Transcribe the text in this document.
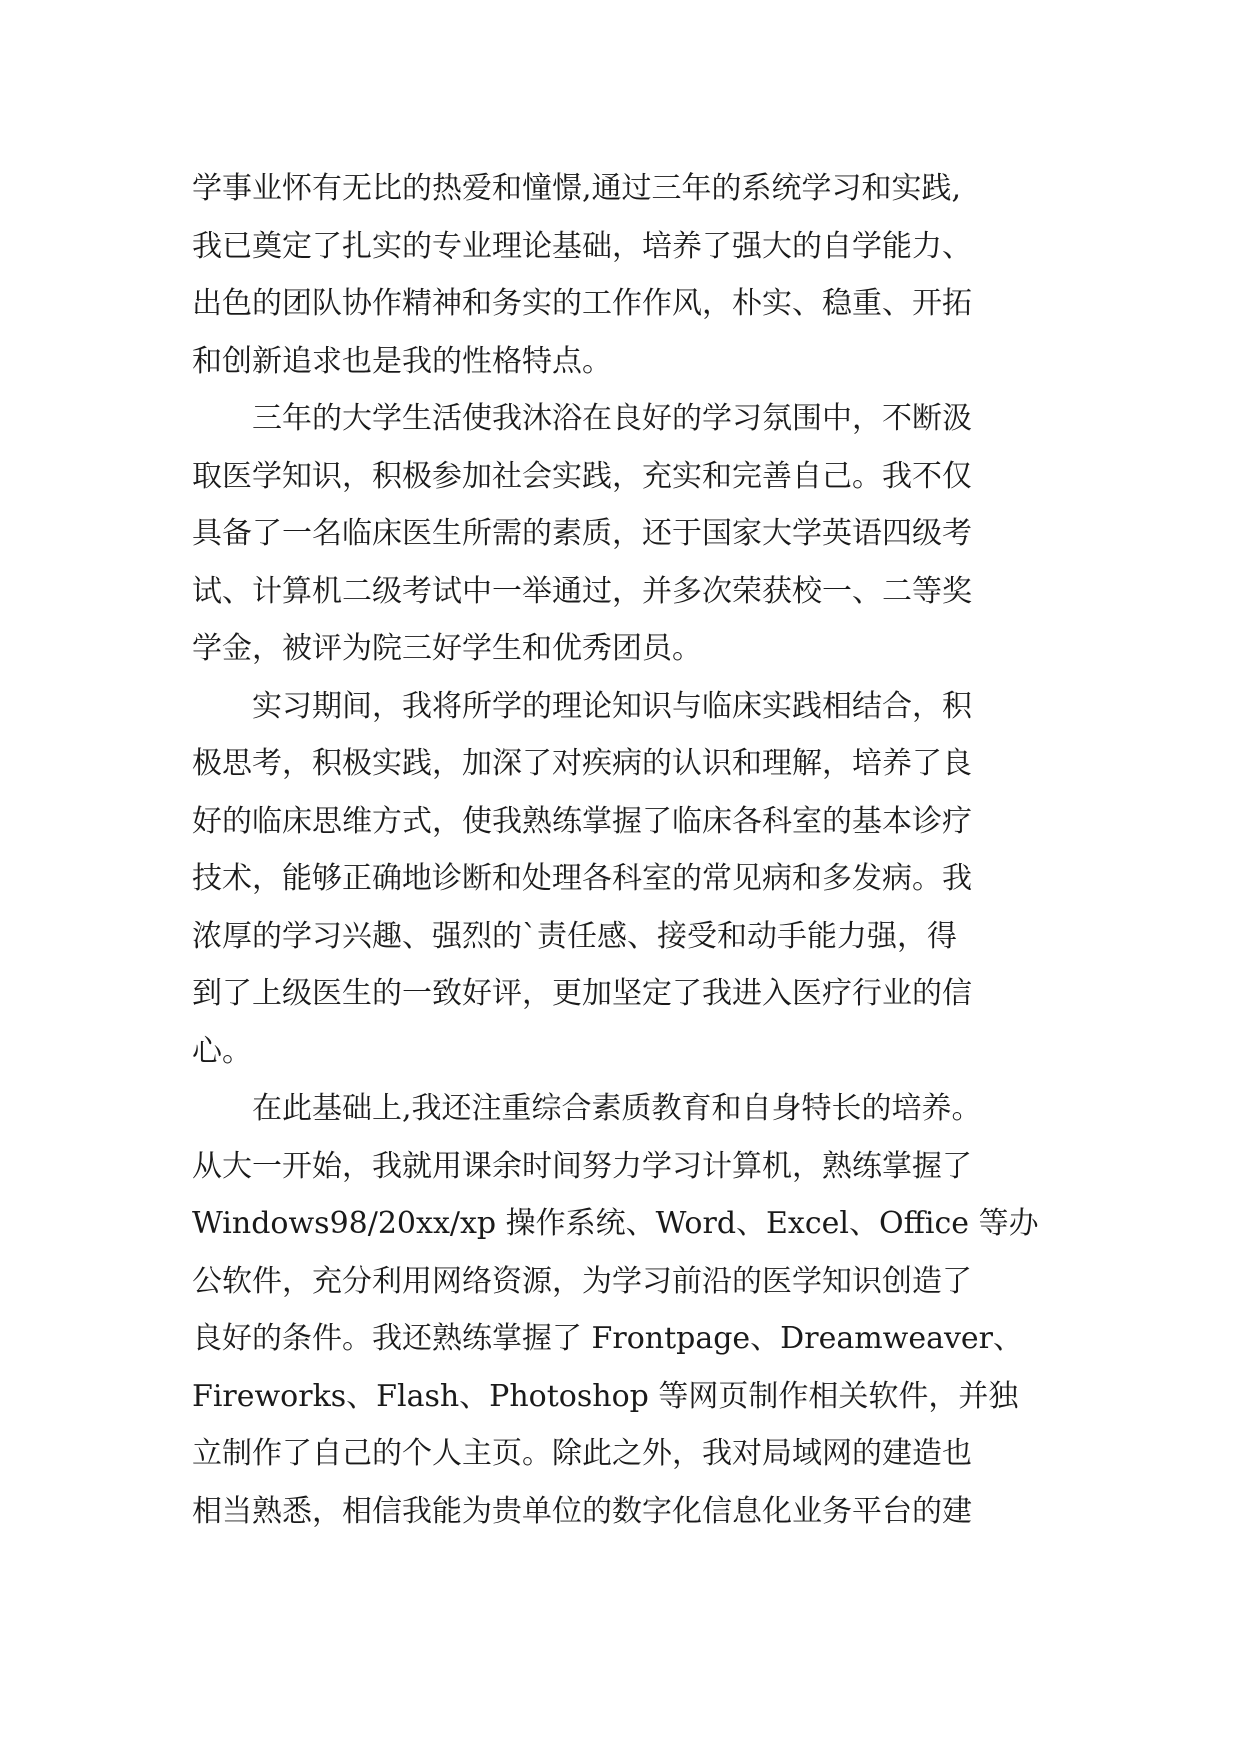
学事业怀有无比的热爱和憧憬,通过三年的系统学习和实践,
我已奠定了扎实的专业理论基础，培养了强大的自学能力、
出色的团队协作精神和务实的工作作风，朴实、稳重、开拓
和创新追求也是我的性格特点。
　　三年的大学生活使我沐浴在良好的学习氛围中，不断汲
取医学知识，积极参加社会实践，充实和完善自己。我不仅
具备了一名临床医生所需的素质，还于国家大学英语四级考
试、计算机二级考试中一举通过，并多次荣获校一、二等奖
学金，被评为院三好学生和优秀团员。
　　实习期间，我将所学的理论知识与临床实践相结合，积
极思考，积极实践，加深了对疾病的认识和理解，培养了良
好的临床思维方式，使我熟练掌握了临床各科室的基本诊疗
技术，能够正确地诊断和处理各科室的常见病和多发病。我
浓厚的学习兴趣、强烈的`责任感、接受和动手能力强，得
到了上级医生的一致好评，更加坚定了我进入医疗行业的信
心。
　　在此基础上,我还注重综合素质教育和自身特长的培养。
从大一开始，我就用课余时间努力学习计算机，熟练掌握了
Windows98/20xx/xp 操作系统、Word、Excel、Office 等办
公软件，充分利用网络资源，为学习前沿的医学知识创造了
良好的条件。我还熟练掌握了 Frontpage、Dreamweaver、
Fireworks、Flash、Photoshop 等网页制作相关软件，并独
立制作了自己的个人主页。除此之外，我对局域网的建造也
相当熟悉，相信我能为贵单位的数字化信息化业务平台的建
